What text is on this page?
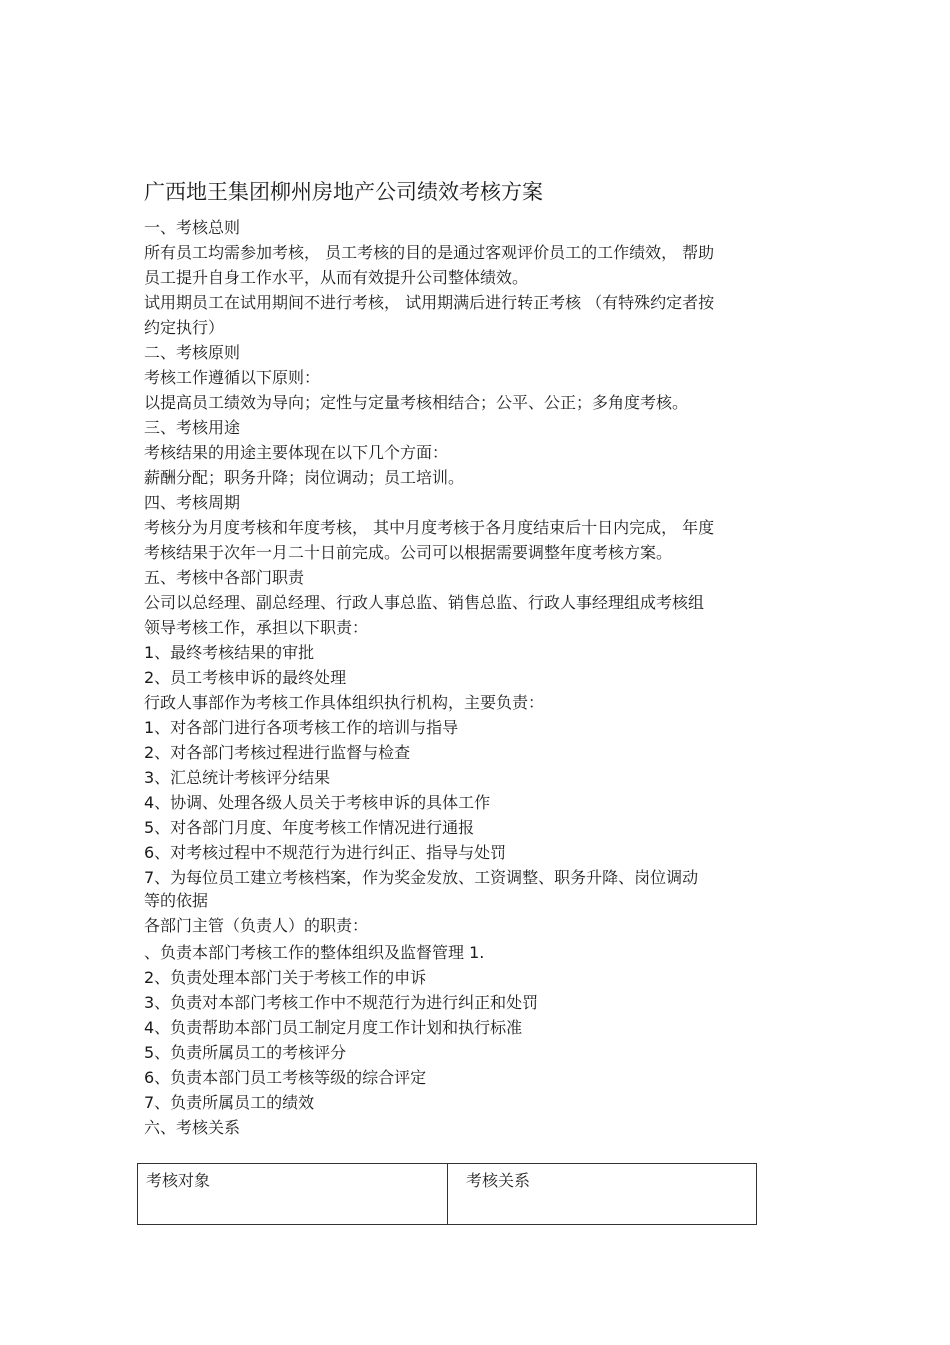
广西地王集团柳州房地产公司绩效考核方案
一、考核总则
所有员工均需参加考核， 员工考核的目的是通过客观评价员工的工作绩效， 帮助
员工提升自身工作水平，从而有效提升公司整体绩效。
试用期员工在试用期间不进行考核， 试用期满后进行转正考核 （有特殊约定者按
约定执行）
二、考核原则
考核工作遵循以下原则：
以提高员工绩效为导向；定性与定量考核相结合；公平、公正；多角度考核。
三、考核用途
考核结果的用途主要体现在以下几个方面：
薪酬分配；职务升降；岗位调动；员工培训。
四、考核周期
考核分为月度考核和年度考核， 其中月度考核于各月度结束后十日内完成， 年度
考核结果于次年一月二十日前完成。公司可以根据需要调整年度考核方案。
五、考核中各部门职责
公司以总经理、副总经理、行政人事总监、销售总监、行政人事经理组成考核组
领导考核工作，承担以下职责：
1、最终考核结果的审批
2、员工考核申诉的最终处理
行政人事部作为考核工作具体组织执行机构，主要负责：
1、对各部门进行各项考核工作的培训与指导
2、对各部门考核过程进行监督与检查
3、汇总统计考核评分结果
4、协调、处理各级人员关于考核申诉的具体工作
5、对各部门月度、年度考核工作情况进行通报
6、对考核过程中不规范行为进行纠正、指导与处罚
7、为每位员工建立考核档案，作为奖金发放、工资调整、职务升降、岗位调动
等的依据
各部门主管（负责人）的职责：
、负责本部门考核工作的整体组织及监督管理 1.
2、负责处理本部门关于考核工作的申诉
3、负责对本部门考核工作中不规范行为进行纠正和处罚
4、负责帮助本部门员工制定月度工作计划和执行标准
5、负责所属员工的考核评分
6、负责本部门员工考核等级的综合评定
7、负责所属员工的绩效
六、考核关系
考核对象	考核关系
